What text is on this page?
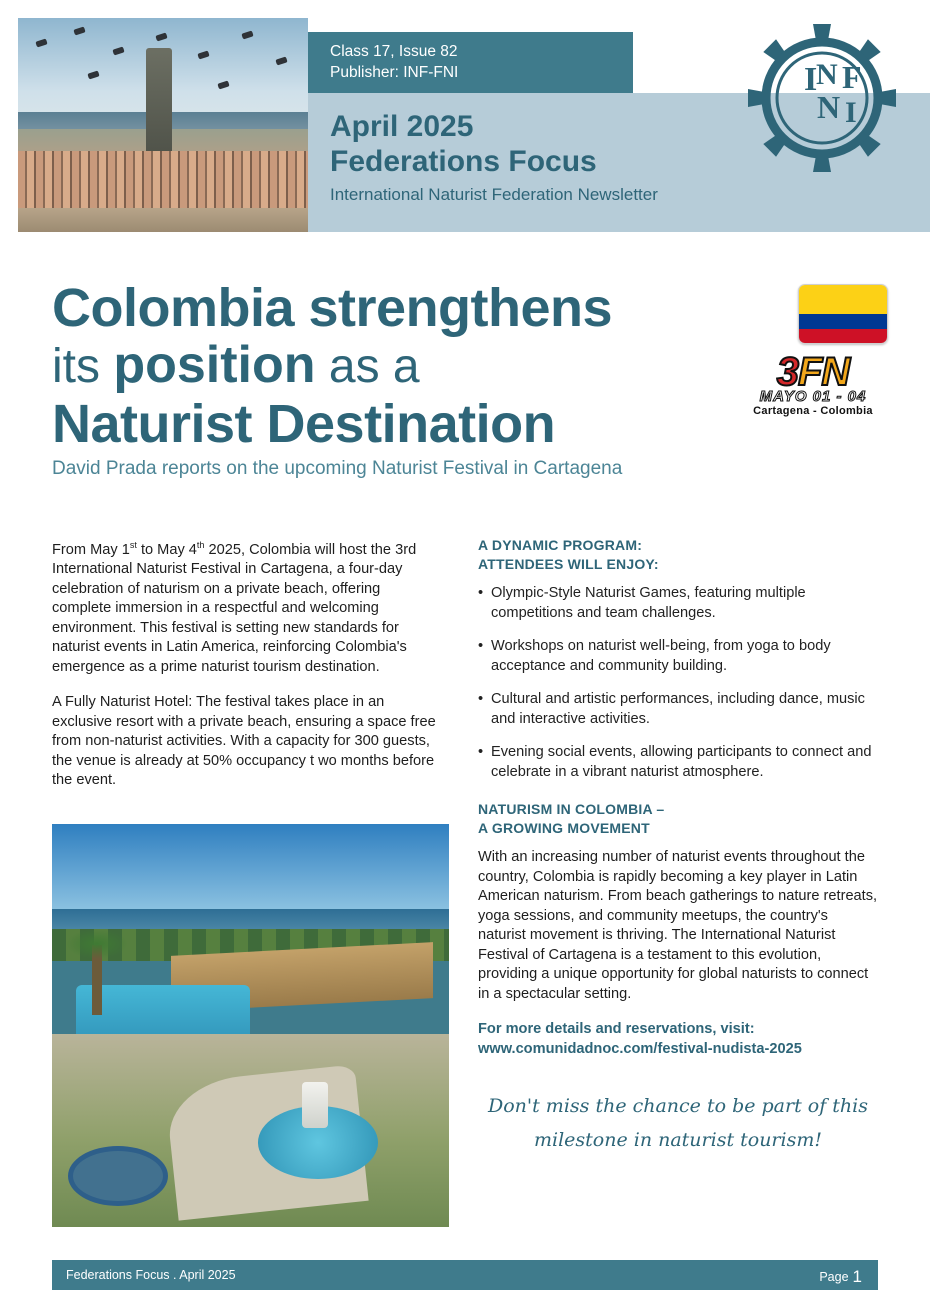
Class 17, Issue 82
Publisher: INF-FNI
April 2025
Federations Focus
International Naturist Federation Newsletter
I
N F
N I
Colombia strengthens
its position as a
Naturist Destination
David Prada reports on the upcoming Naturist Festival in Cartagena
3FN
MAYO 01 - 04
Cartagena - Colombia

From May 1st to May 4th 2025, Colombia will host the 3rd International Naturist Festival in Cartagena, a four-day celebration of naturism on a private beach, offering complete immersion in a respectful and welcoming environment. This festival is setting new standards for naturist events in Latin America, reinforcing Colombia's emergence as a prime naturist tourism destination.

A Fully Naturist Hotel: The festival takes place in an exclusive resort with a private beach, ensuring a space free from non-naturist activities. With a capacity for 300 guests, the venue is already at 50% occupancy t wo months before the event.

A DYNAMIC PROGRAM:
ATTENDEES WILL ENJOY:
• Olympic-Style Naturist Games, featuring multiple competitions and team challenges.
• Workshops on naturist well-being, from yoga to body acceptance and community building.
• Cultural and artistic performances, including dance, music and interactive activities.
• Evening social events, allowing participants to connect and celebrate in a vibrant naturist atmosphere.
NATURISM IN COLOMBIA –
A GROWING MOVEMENT

With an increasing number of naturist events throughout the country, Colombia is rapidly becoming a key player in Latin American naturism. From beach gatherings to nature retreats, yoga sessions, and community meetups, the country's naturist movement is thriving. The International Naturist Festival of Cartagena is a testament to this evolution, providing a unique opportunity for global naturists to connect in a spectacular setting.

For more details and reservations, visit:
www.comunidadnoc.com/festival-nudista-2025
Don't miss the chance to be part of this
milestone in naturist tourism!
Federations Focus . April 2025	Page 1
